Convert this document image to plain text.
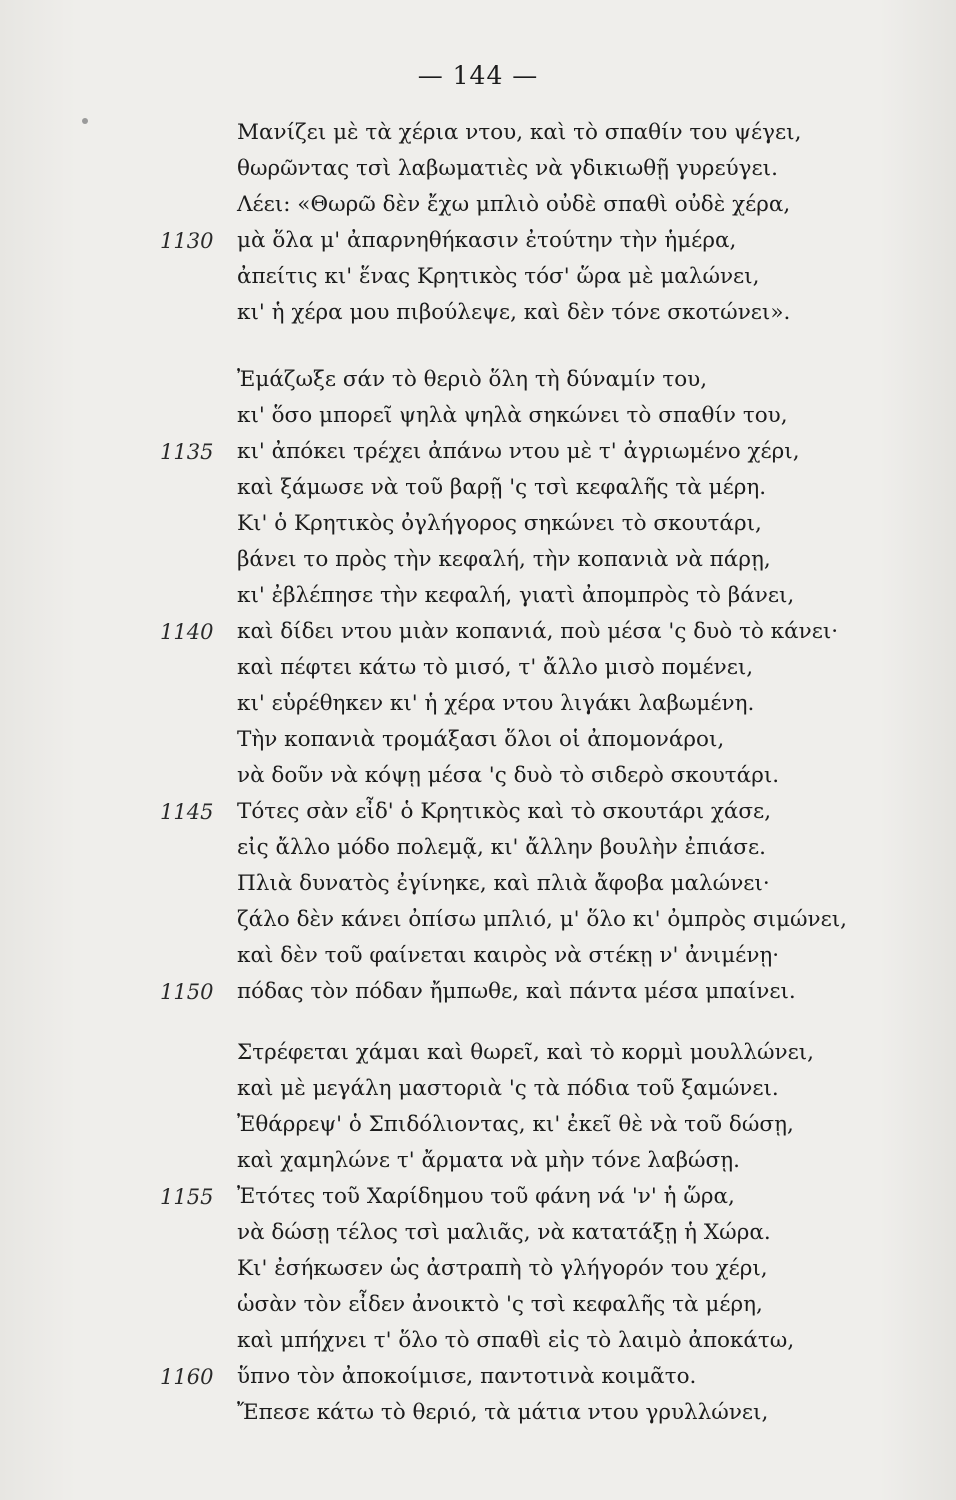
— 144 —
Μανίζει μὲ τὰ χέρια ντου, καὶ τὸ σπαθίν του ψέγει,
θωρῶντας τσὶ λαβωματιὲς νὰ γδικιωθῇ γυρεύγει.
Λέει: «Θωρῶ δὲν ἔχω μπλιὸ οὐδὲ σπαθὶ οὐδὲ χέρα,
1130 μὰ ὅλα μ' ἀπαρνηθήκασιν ἐτούτην τὴν ἡμέρα,
ἀπείτις κι' ἕνας Κρητικὸς τόσ' ὥρα μὲ μαλώνει,
κι' ἡ χέρα μου πιβούλεψε, καὶ δὲν τόνε σκοτώνει».
Ἐμάζωξε σάν τὸ θεριὸ ὅλη τὴ δύναμίν του,
κι' ὅσο μπορεῖ ψηλὰ ψηλὰ σηκώνει τὸ σπαθίν του,
1135 κι' ἀπόκει τρέχει ἀπάνω ντου μὲ τ' ἀγριωμένο χέρι,
καὶ ξάμωσε νὰ τοῦ βαρῇ 'ς τσὶ κεφαλῆς τὰ μέρη.
Κι' ὁ Κρητικὸς ὀγλήγορος σηκώνει τὸ σκουτάρι,
βάνει το πρὸς τὴν κεφαλή, τὴν κοπανιὰ νὰ πάρῃ,
κι' ἐβλέπησε τὴν κεφαλή, γιατὶ ἀπομπρὸς τὸ βάνει,
1140 καὶ δίδει ντου μιὰν κοπανιά, ποὺ μέσα 'ς δυὸ τὸ κάνει·
καὶ πέφτει κάτω τὸ μισό, τ' ἄλλο μισὸ πομένει,
κι' εὑρέθηκεν κι' ἡ χέρα ντου λιγάκι λαβωμένη.
Τὴν κοπανιὰ τρομάξασι ὅλοι οἱ ἀπομονάροι,
νὰ δοῦν νὰ κόψῃ μέσα 'ς δυὸ τὸ σιδερὸ σκουτάρι.
1145 Τότες σὰν εἶδ' ὁ Κρητικὸς καὶ τὸ σκουτάρι χάσε,
εἰς ἄλλο μόδο πολεμᾷ, κι' ἄλλην βουλὴν ἐπιάσε.
Πλιὰ δυνατὸς ἐγίνηκε, καὶ πλιὰ ἄφοβα μαλώνει·
ζάλο δὲν κάνει ὀπίσω μπλιό, μ' ὅλο κι' ὀμπρὸς σιμώνει,
καὶ δὲν τοῦ φαίνεται καιρὸς νὰ στέκῃ ν' ἀνιμένῃ·
1150 πόδας τὸν πόδαν ἤμπωθε, καὶ πάντα μέσα μπαίνει.
Στρέφεται χάμαι καὶ θωρεῖ, καὶ τὸ κορμὶ μουλλώνει,
καὶ μὲ μεγάλη μαστοριὰ 'ς τὰ πόδια τοῦ ξαμώνει.
Ἐθάρρεψ' ὁ Σπιδόλιοντας, κι' ἐκεῖ θὲ νὰ τοῦ δώσῃ,
καὶ χαμηλώνε τ' ἄρματα νὰ μὴν τόνε λαβώσῃ.
1155 Ἐτότες τοῦ Χαρίδημου τοῦ φάνη νά 'ν' ἡ ὥρα,
νὰ δώσῃ τέλος τσὶ μαλιᾶς, νὰ κατατάξῃ ἡ Χώρα.
Κι' ἐσήκωσεν ὡς ἀστραπὴ τὸ γλήγορόν του χέρι,
ὡσὰν τὸν εἶδεν ἀνοικτὸ 'ς τσὶ κεφαλῆς τὰ μέρη,
καὶ μπήχνει τ' ὅλο τὸ σπαθὶ εἰς τὸ λαιμὸ ἀποκάτω,
1160 ὕπνο τὸν ἀποκοίμισε, παντοτινὰ κοιμᾶτο.
Ἔπεσε κάτω τὸ θεριό, τὰ μάτια ντου γρυλλώνει,
